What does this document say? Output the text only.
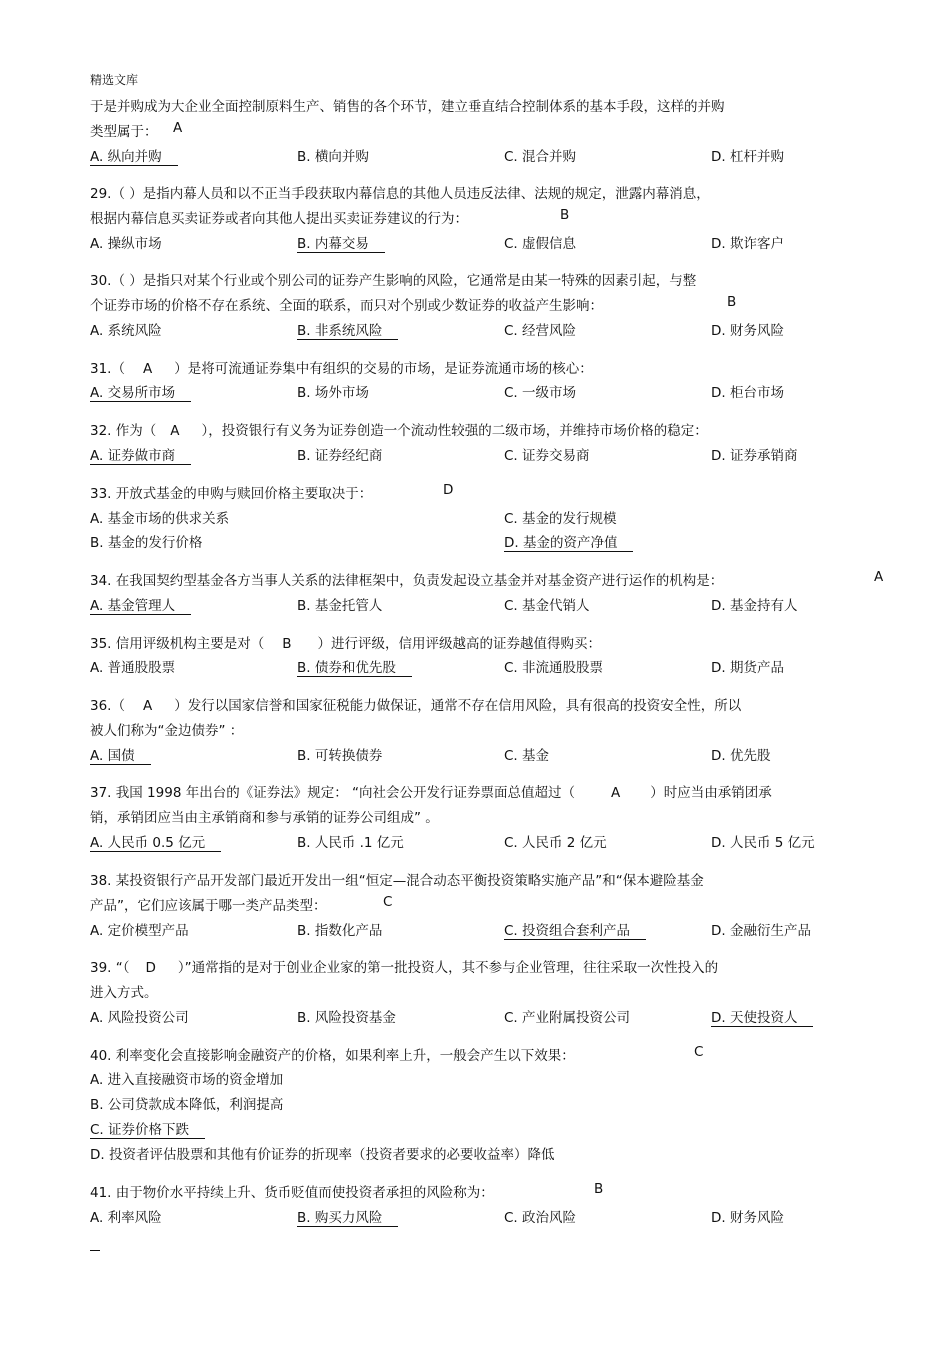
精选文库
于是并购成为大企业全面控制原料生产、销售的各个环节，建立垂直结合控制体系的基本手段，这样的并购
类型属于： A
A. 纵向并购	B. 横向并购	C. 混合并购	D. 杠杆并购
29.（ ）是指内幕人员和以不正当手段获取内幕信息的其他人员违反法律、法规的规定，泄露内幕消息，
根据内幕信息买卖证券或者向其他人提出买卖证券建议的行为：	B
A. 操纵市场	B. 内幕交易	C. 虚假信息	D. 欺诈客户
30.（ ）是指只对某个行业或个别公司的证券产生影响的风险，它通常是由某一特殊的因素引起，与整
个证券市场的价格不存在系统、全面的联系，而只对个别或少数证券的收益产生影响：	B
A. 系统风险	B. 非系统风险	C. 经营风险	D. 财务风险
31.（ A ）是将可流通证券集中有组织的交易的市场，是证券流通市场的核心：
A. 交易所市场	B. 场外市场	C. 一级市场	D. 柜台市场
32. 作为（ A ），投资银行有义务为证券创造一个流动性较强的二级市场，并维持市场价格的稳定：
A. 证券做市商	B. 证券经纪商	C. 证券交易商	D. 证券承销商
33. 开放式基金的申购与赎回价格主要取决于：	D
A. 基金市场的供求关系	C. 基金的发行规模
B. 基金的发行价格	D. 基金的资产净值
34. 在我国契约型基金各方当事人关系的法律框架中，负责发起设立基金并对基金资产进行运作的机构是：	A
A. 基金管理人	B. 基金托管人	C. 基金代销人	D. 基金持有人
35. 信用评级机构主要是对（ B ）进行评级，信用评级越高的证券越值得购买：
A. 普通股股票	B. 债券和优先股	C. 非流通股股票	D. 期货产品
36.（ A ）发行以国家信誉和国家征税能力做保证，通常不存在信用风险，具有很高的投资安全性，所以
被人们称为“金边债券” ：
A. 国债	B. 可转换债券	C. 基金	D. 优先股
37. 我国 1998 年出台的《证券法》规定： “向社会公开发行证券票面总值超过（	A ）时应当由承销团承
销，承销团应当由主承销商和参与承销的证券公司组成” 。
A. 人民币 0.5 亿元	B. 人民币 .1 亿元	C. 人民币 2 亿元	D. 人民币 5 亿元
38. 某投资银行产品开发部门最近开发出一组“恒定—混合动态平衡投资策略实施产品”和“保本避险基金
产品”，它们应该属于哪一类产品类型：	C
A. 定价模型产品	B. 指数化产品	C. 投资组合套利产品	D. 金融衍生产品
39. “（ D ）”通常指的是对于创业企业家的第一批投资人，其不参与企业管理，往往采取一次性投入的
进入方式。
A. 风险投资公司	B. 风险投资基金	C. 产业附属投资公司	D. 天使投资人
40. 利率变化会直接影响金融资产的价格，如果利率上升，一般会产生以下效果：	C
A. 进入直接融资市场的资金增加
B. 公司贷款成本降低，利润提高
C. 证券价格下跌
D. 投资者评估股票和其他有价证券的折现率（投资者要求的必要收益率）降低
41. 由于物价水平持续上升、货币贬值而使投资者承担的风险称为：	B
A. 利率风险	B. 购买力风险	C. 政治风险	D. 财务风险
